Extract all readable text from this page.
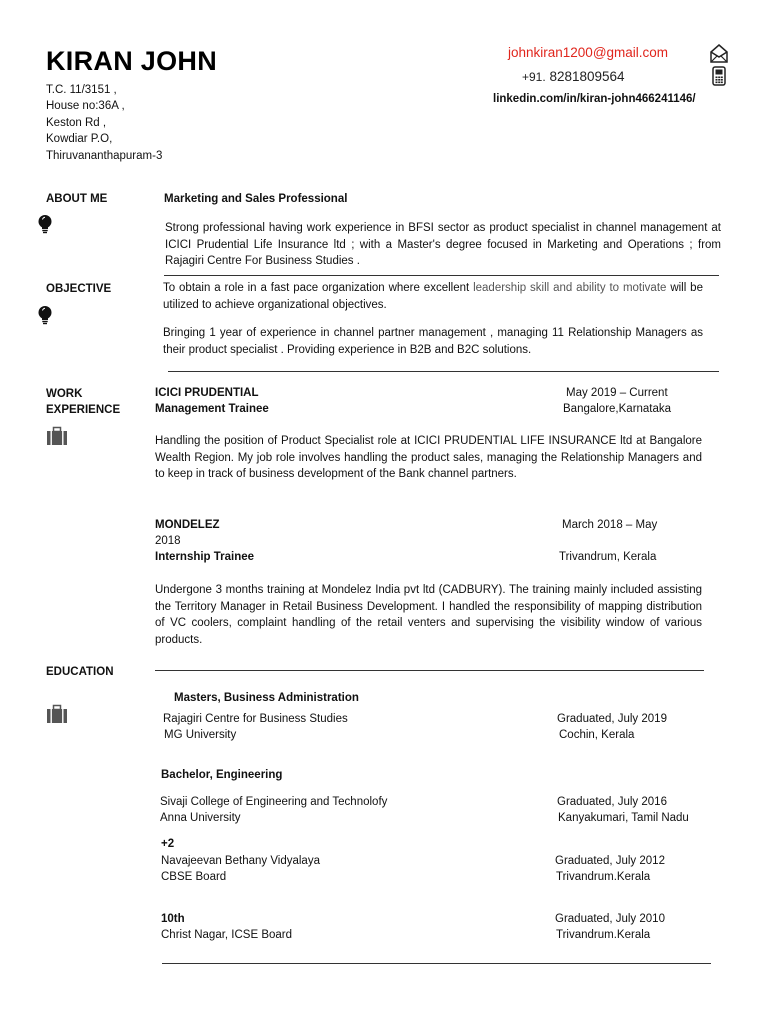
KIRAN JOHN
T.C. 11/3151 ,
House no:36A ,
Keston Rd ,
Kowdiar P.O,
Thiruvananthapuram-3
johnkiran1200@gmail.com
+91. 8281809564
linkedin.com/in/kiran-john466241146/
ABOUT ME	Marketing and Sales Professional

Strong professional having work experience in BFSI sector as product specialist in channel management at ICICI Prudential Life Insurance ltd ; with a Master's degree focused in Marketing and Operations ; from Rajagiri Centre For Business Studies .

OBJECTIVE	To obtain a role in a fast pace organization where excellent leadership skill and ability to motivate will be utilized to achieve organizational objectives.

Bringing 1 year of experience in channel partner management , managing 11 Relationship Managers as their product specialist . Providing experience in B2B and B2C solutions.

WORK
EXPERIENCE
ICICI PRUDENTIAL	May 2019 – Current
Management Trainee	Bangalore,Karnataka

Handling the position of Product Specialist role at ICICI PRUDENTIAL LIFE INSURANCE ltd at Bangalore Wealth Region. My job role involves handling the product sales, managing the Relationship Managers and to keep in track of business development of the Bank channel partners.

MONDELEZ	March 2018 – May
2018
Internship Trainee	Trivandrum, Kerala

Undergone 3 months training at Mondelez India pvt ltd (CADBURY). The training mainly included assisting the Territory Manager in Retail Business Development. I handled the responsibility of mapping distribution of VC coolers, complaint handling of the retail venters and supervising the visibility window of various products.

EDUCATION
Masters, Business Administration
Rajagiri Centre for Business Studies	Graduated, July 2019
MG University	Cochin, Kerala
Bachelor, Engineering
Sivaji College of Engineering and Technolofy	Graduated, July 2016
Anna University	Kanyakumari, Tamil Nadu
+2
Navajeevan Bethany Vidyalaya	Graduated, July 2012
CBSE Board	Trivandrum.Kerala
10th	Graduated, July 2010
Christ Nagar, ICSE Board	Trivandrum.Kerala
